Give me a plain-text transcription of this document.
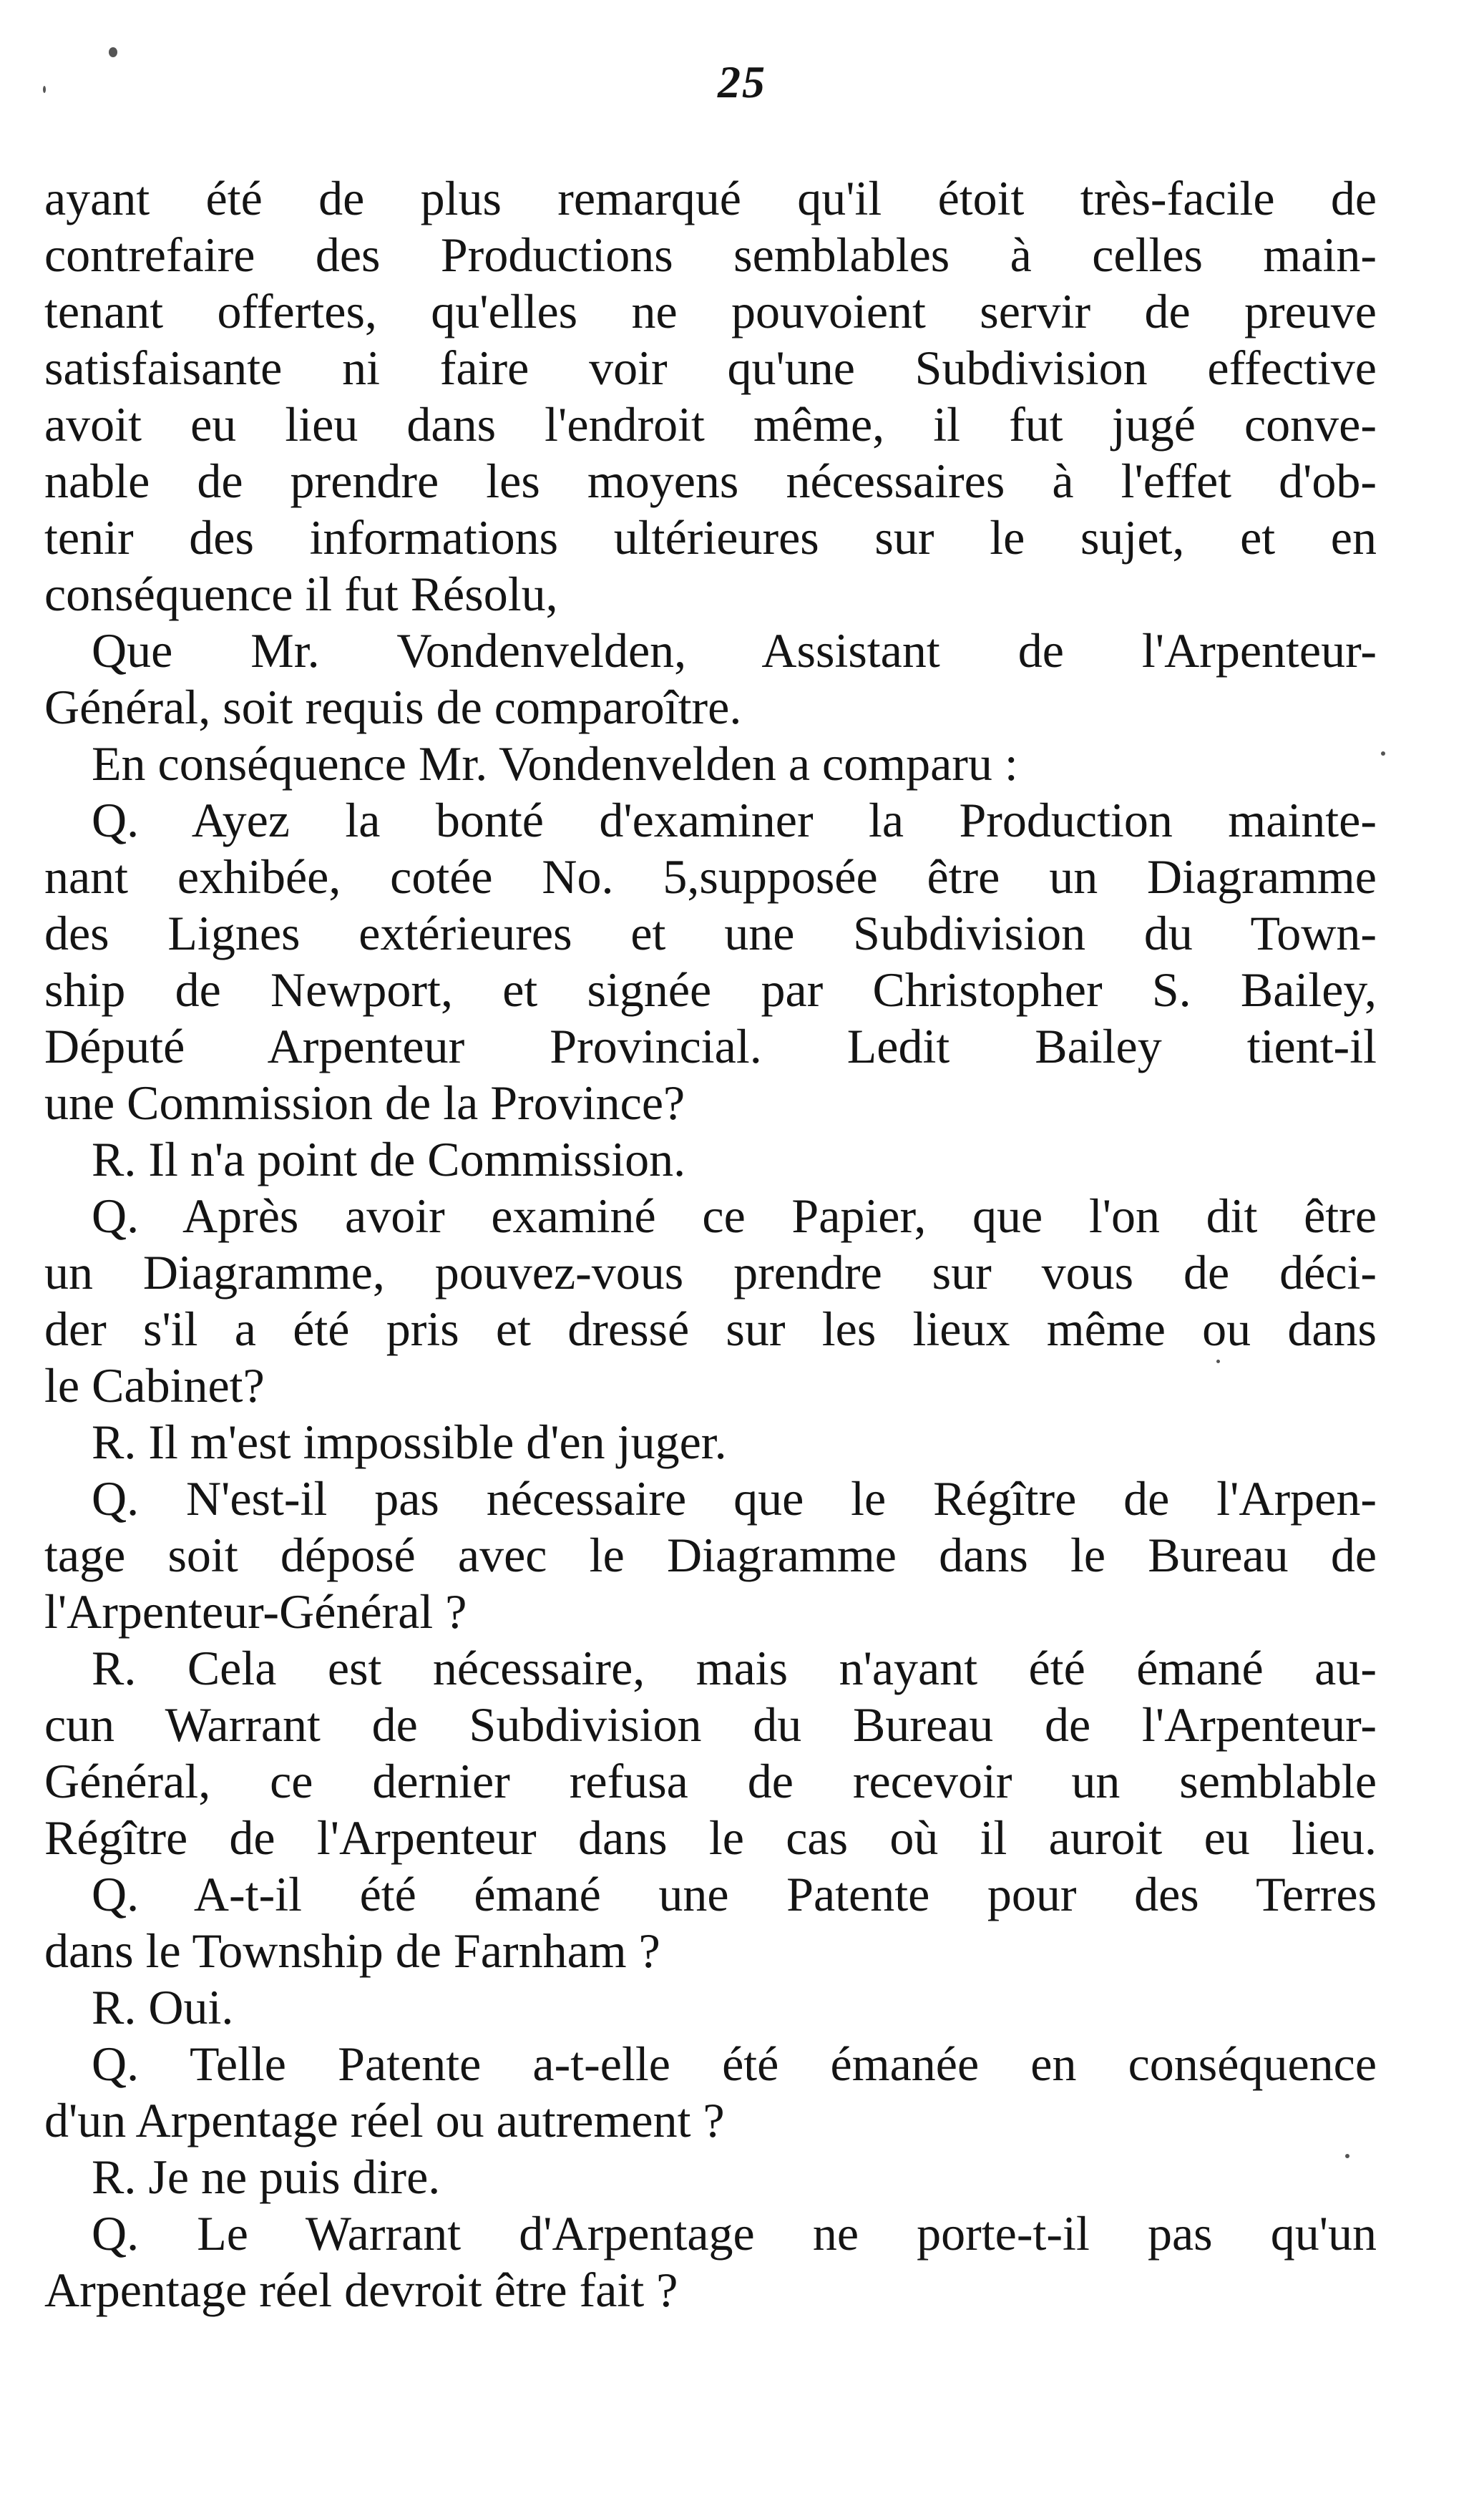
25
ayant été de plus remarqué qu'il étoit très-facile de
contrefaire des Productions semblables à celles main-
tenant offertes, qu'elles ne pouvoient servir de preuve
satisfaisante ni faire voir qu'une Subdivision effective
avoit eu lieu dans l'endroit même, il fut jugé conve-
nable de prendre les moyens nécessaires à l'effet d'ob-
tenir des informations ultérieures sur le sujet, et en
conséquence il fut Résolu,
Que Mr. Vondenvelden, Assistant de l'Arpenteur-
Général, soit requis de comparoître.
En conséquence Mr. Vondenvelden a comparu :
Q. Ayez la bonté d'examiner la Production mainte-
nant exhibée, cotée No. 5,supposée être un Diagramme
des Lignes extérieures et une Subdivision du Town-
ship de Newport, et signée par Christopher S. Bailey,
Député Arpenteur Provincial. Ledit Bailey tient-il
une Commission de la Province?
R. Il n'a point de Commission.
Q. Après avoir examiné ce Papier, que l'on dit être
un Diagramme, pouvez-vous prendre sur vous de déci-
der s'il a été pris et dressé sur les lieux même ou dans
le Cabinet?
R. Il m'est impossible d'en juger.
Q. N'est-il pas nécessaire que le Régître de l'Arpen-
tage soit déposé avec le Diagramme dans le Bureau de
l'Arpenteur-Général ?
R. Cela est nécessaire, mais n'ayant été émané au-
cun Warrant de Subdivision du Bureau de l'Arpenteur-
Général, ce dernier refusa de recevoir un semblable
Régître de l'Arpenteur dans le cas où il auroit eu lieu.
Q. A-t-il été émané une Patente pour des Terres
dans le Township de Farnham ?
R. Oui.
Q. Telle Patente a-t-elle été émanée en conséquence
d'un Arpentage réel ou autrement ?
R. Je ne puis dire.
Q. Le Warrant d'Arpentage ne porte-t-il pas qu'un
Arpentage réel devroit être fait ?
